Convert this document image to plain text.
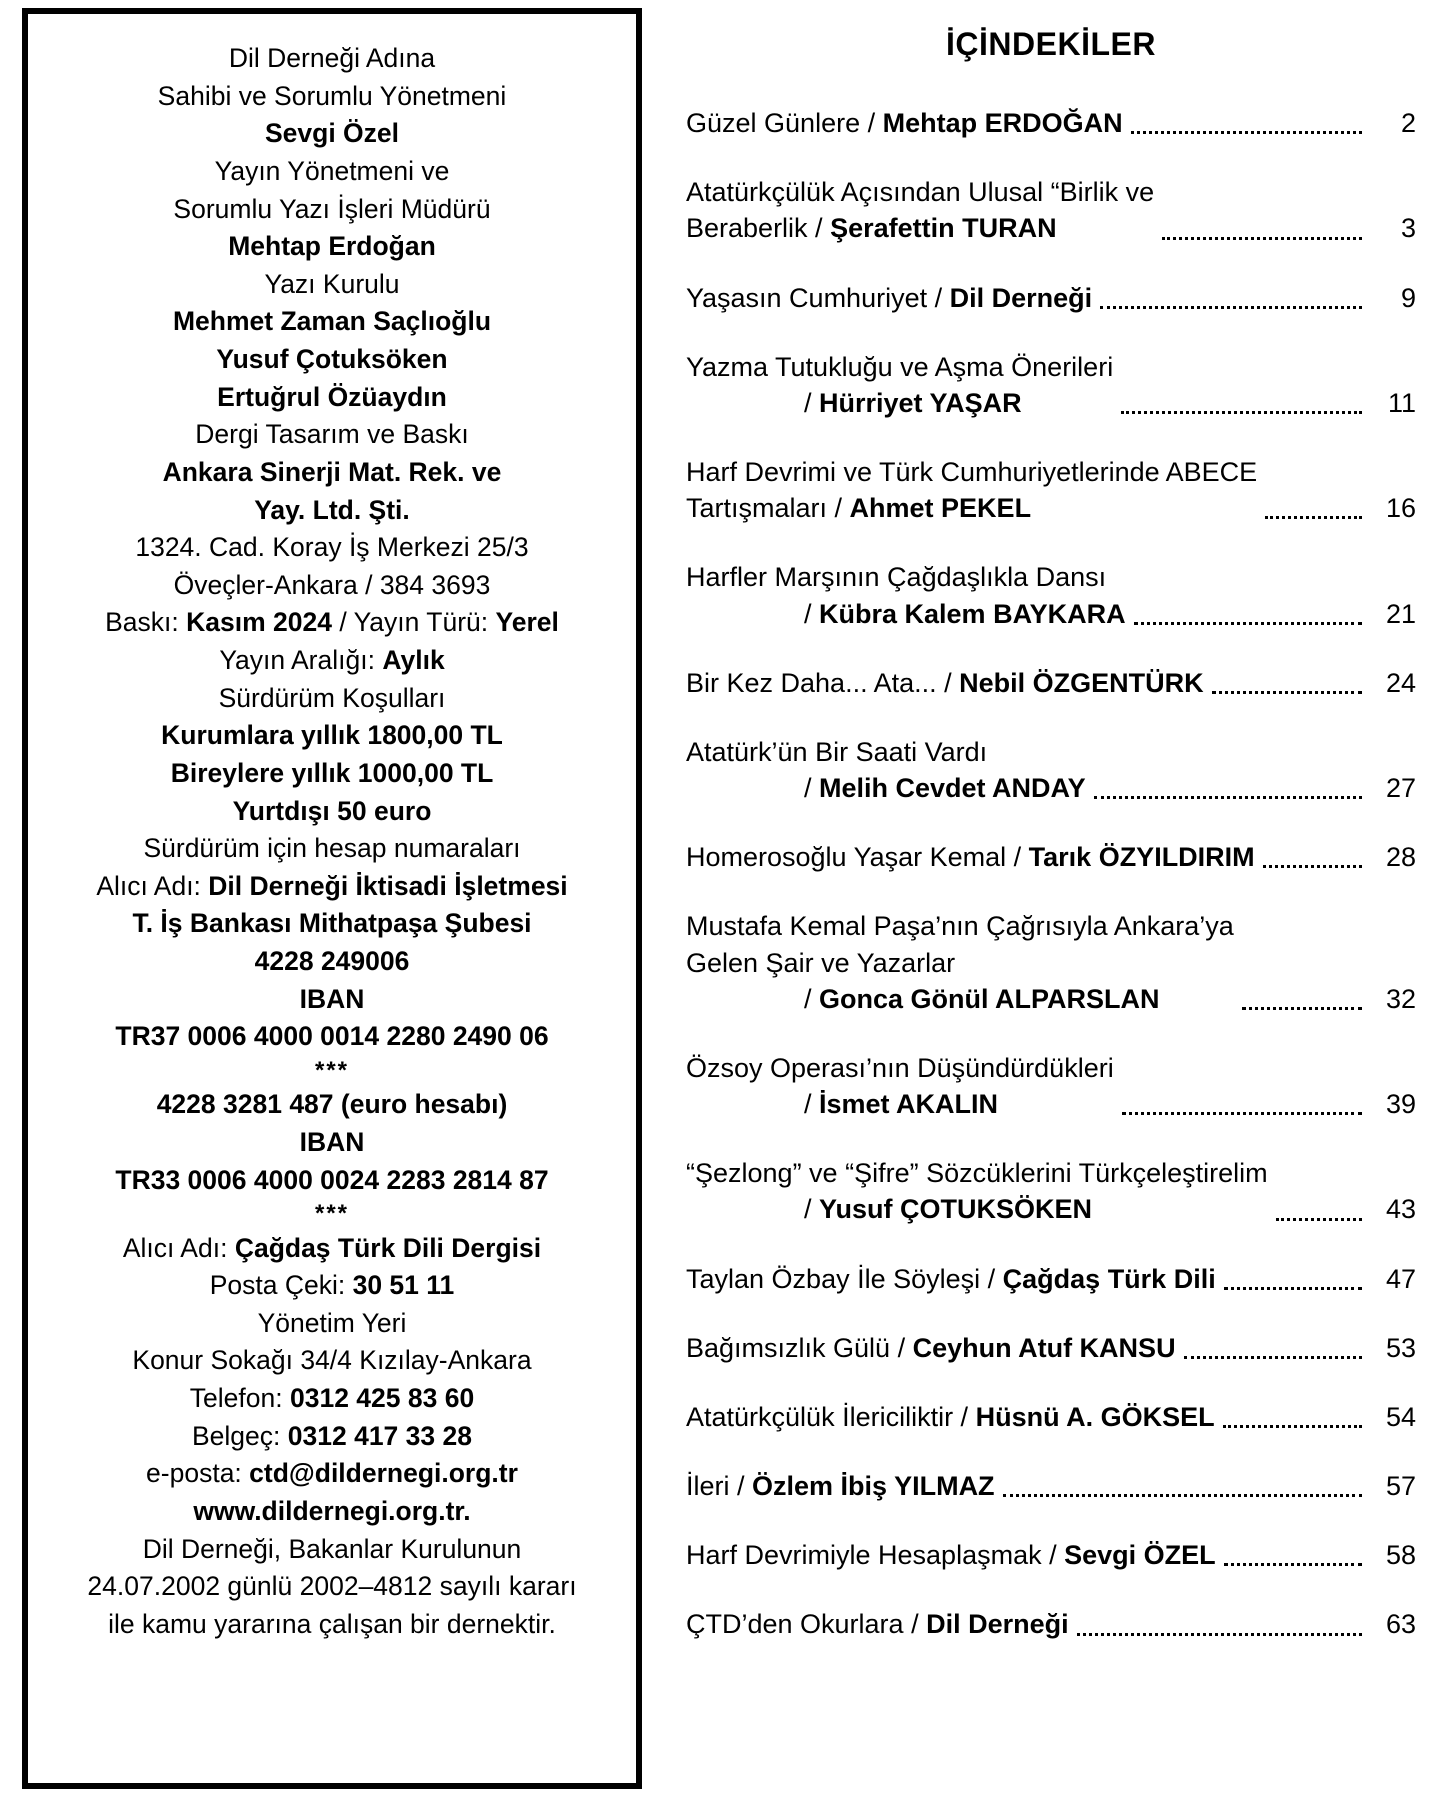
Dil Derneği Adına
Sahibi ve Sorumlu Yönetmeni
Sevgi Özel
Yayın Yönetmeni ve
Sorumlu Yazı İşleri Müdürü
Mehtap Erdoğan
Yazı Kurulu
Mehmet Zaman Saçlıoğlu
Yusuf Çotuksöken
Ertuğrul Özüaydın
Dergi Tasarım ve Baskı
Ankara Sinerji Mat. Rek. ve
Yay. Ltd. Şti.
1324. Cad. Koray İş Merkezi 25/3
Öveçler-Ankara / 384 3693
Baskı: Kasım 2024 / Yayın Türü: Yerel
Yayın Aralığı: Aylık
Sürdürüm Koşulları
Kurumlara yıllık 1800,00 TL
Bireylere yıllık 1000,00 TL
Yurtdışı 50 euro
Sürdürüm için hesap numaraları
Alıcı Adı: Dil Derneği İktisadi İşletmesi
T. İş Bankası Mithatpaşa Şubesi
4228 249006
IBAN
TR37 0006 4000 0014 2280 2490 06
***
4228 3281 487 (euro hesabı)
IBAN
TR33 0006 4000 0024 2283 2814 87
***
Alıcı Adı: Çağdaş Türk Dili Dergisi
Posta Çeki: 30 51 11
Yönetim Yeri
Konur Sokağı 34/4 Kızılay-Ankara
Telefon: 0312 425 83 60
Belgeç: 0312 417 33 28
e-posta: ctd@dildernegi.org.tr
www.dildernegi.org.tr.
Dil Derneği, Bakanlar Kurulunun
24.07.2002 günlü 2002–4812 sayılı kararı
ile kamu yararına çalışan bir dernektir.
İÇİNDEKİLER
Güzel Günlere / Mehtap ERDOĞAN	2
Atatürkçülük Açısından Ulusal “Birlik ve
Beraberlik / Şerafettin TURAN	3
Yaşasın Cumhuriyet / Dil Derneği	9
Yazma Tutukluğu ve Aşma Önerileri
/ Hürriyet YAŞAR	11
Harf Devrimi ve Türk Cumhuriyetlerinde ABECE
Tartışmaları / Ahmet PEKEL	16
Harfler Marşının Çağdaşlıkla Dansı
/ Kübra Kalem BAYKARA	21
Bir Kez Daha... Ata... / Nebil ÖZGENTÜRK	24
Atatürk’ün Bir Saati Vardı
/ Melih Cevdet ANDAY	27
Homerosoğlu Yaşar Kemal / Tarık ÖZYILDIRIM	28
Mustafa Kemal Paşa’nın Çağrısıyla Ankara’ya
Gelen Şair ve Yazarlar
/ Gonca Gönül ALPARSLAN	32
Özsoy Operası’nın Düşündürdükleri
/ İsmet AKALIN	39
“Şezlong” ve “Şifre” Sözcüklerini Türkçeleştirelim
/ Yusuf ÇOTUKSÖKEN	43
Taylan Özbay İle Söyleşi / Çağdaş Türk Dili	47
Bağımsızlık Gülü / Ceyhun Atuf KANSU	53
Atatürkçülük İlericiliktir / Hüsnü A. GÖKSEL	54
İleri / Özlem İbiş YILMAZ	57
Harf Devrimiyle Hesaplaşmak / Sevgi ÖZEL	58
ÇTD’den Okurlara / Dil Derneği	63
